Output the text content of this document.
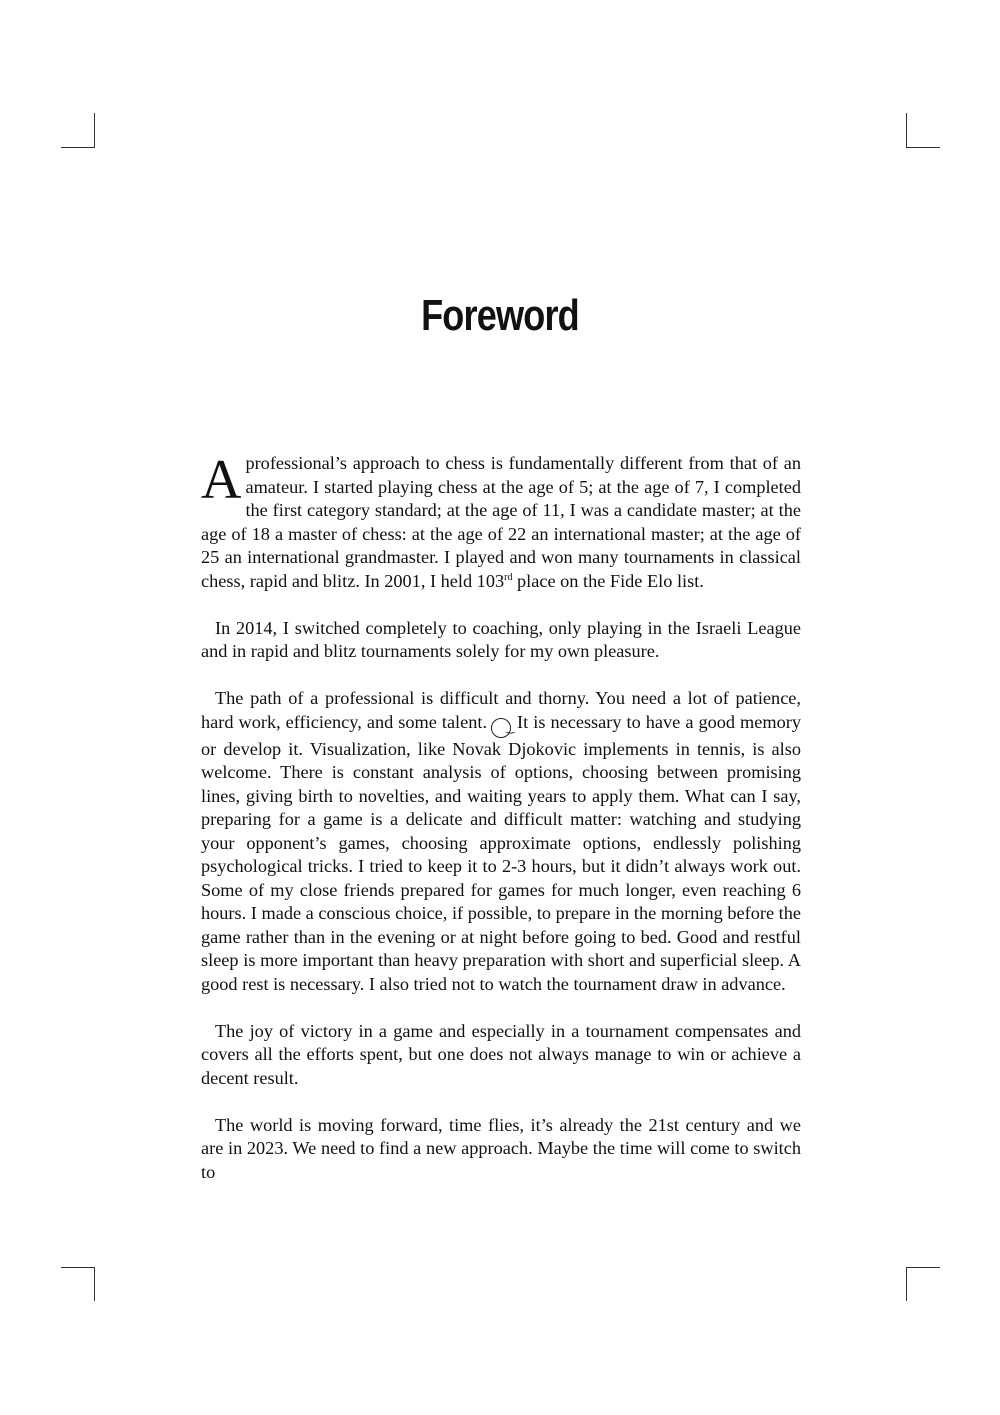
Foreword

Aprofessional’s approach to chess is fundamentally different from that of an amateur. I started playing chess at the age of 5; at the age of 7, I completed the first category standard; at the age of 11, I was a candidate master; at the age of 18 a master of chess: at the age of 22 an international master; at the age of 25 an international grandmaster. I played and won many tournaments in classical chess, rapid and blitz. In 2001, I held 103rd place on the Fide Elo list.

In 2014, I switched completely to coaching, only playing in the Israeli League and in rapid and blitz tournaments solely for my own pleasure.

The path of a professional is difficult and thorny. You need a lot of patience, hard work, efficiency, and some talent. ‿ It is necessary to have a good memory or develop it. Visualization, like Novak Djokovic implements in tennis, is also welcome. There is constant analysis of options, choosing between promising lines, giving birth to novelties, and waiting years to apply them. What can I say, preparing for a game is a delicate and difficult matter: watching and studying your opponent’s games, choosing approximate options, endlessly polishing psychological tricks. I tried to keep it to 2-3 hours, but it didn’t always work out. Some of my close friends prepared for games for much longer, even reaching 6 hours. I made a conscious choice, if possible, to prepare in the morning before the game rather than in the evening or at night before going to bed. Good and restful sleep is more important than heavy preparation with short and superficial sleep. A good rest is necessary. I also tried not to watch the tournament draw in advance.

The joy of victory in a game and especially in a tournament compensates and covers all the efforts spent, but one does not always manage to win or achieve a decent result.

The world is moving forward, time flies, it’s already the 21st century and we are in 2023. We need to find a new approach. Maybe the time will come to switch to
